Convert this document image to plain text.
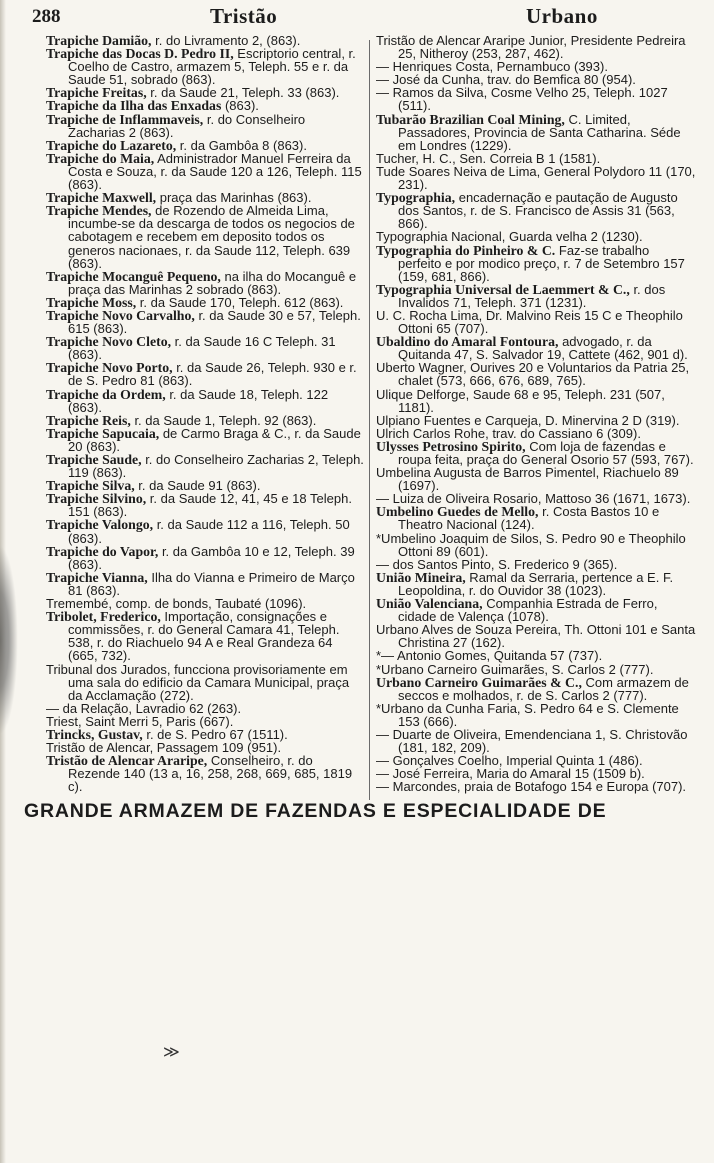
288	Tristão	Urbano

Trapiche Damião, r. do Livramento 2, (863).

Trapiche das Docas D. Pedro II, Escriptorio central, r. Coelho de Castro, armazem 5, Teleph. 55 e r. da Saude 51, sobrado (863).

Trapiche Freitas, r. da Saude 21, Teleph. 33 (863).

Trapiche da Ilha das Enxadas (863).

Trapiche de Inflammaveis, r. do Conselheiro Zacharias 2 (863).

Trapiche do Lazareto, r. da Gambôa 8 (863).

Trapiche do Maia, Administrador Manuel Ferreira da Costa e Souza, r. da Saude 120 a 126, Teleph. 115 (863).

Trapiche Maxwell, praça das Marinhas (863).

Trapiche Mendes, de Rozendo de Almeida Lima, incumbe-se da descarga de todos os negocios de cabotagem e recebem em deposito todos os generos nacionaes, r. da Saude 112, Teleph. 639 (863).

Trapiche Mocanguê Pequeno, na ilha do Mocanguê e praça das Marinhas 2 sobrado (863).

Trapiche Moss, r. da Saude 170, Teleph. 612 (863).

Trapiche Novo Carvalho, r. da Saude 30 e 57, Teleph. 615 (863).

Trapiche Novo Cleto, r. da Saude 16 C Teleph. 31 (863).

Trapiche Novo Porto, r. da Saude 26, Teleph. 930 e r. de S. Pedro 81 (863).

Trapiche da Ordem, r. da Saude 18, Teleph. 122 (863).

Trapiche Reis, r. da Saude 1, Teleph. 92 (863).

Trapiche Sapucaia, de Carmo Braga & C., r. da Saude 20 (863).

Trapiche Saude, r. do Conselheiro Zacharias 2, Teleph. 119 (863).

Trapiche Silva, r. da Saude 91 (863).

Trapiche Silvino, r. da Saude 12, 41, 45 e 18 Teleph. 151 (863).

Trapiche Valongo, r. da Saude 112 a 116, Teleph. 50 (863).

Trapiche do Vapor, r. da Gambôa 10 e 12, Teleph. 39 (863).

Trapiche Vianna, Ilha do Vianna e Primeiro de Março 81 (863).

Tremembé, comp. de bonds, Taubaté (1096).

Tribolet, Frederico, Importação, consignações e commissões, r. do General Camara 41, Teleph. 538, r. do Riachuelo 94 A e Real Grandeza 64 (665, 732).

Tribunal dos Jurados, funcciona provisoriamente em uma sala do edificio da Camara Municipal, praça da Acclamação (272).

— da Relação, Lavradio 62 (263).

Triest, Saint Merri 5, Paris (667).

Trincks, Gustav, r. de S. Pedro 67 (1511).

Tristão de Alencar, Passagem 109 (951).

Tristão de Alencar Araripe, Conselheiro, r. do Rezende 140 (13 a, 16, 258, 268, 669, 685, 1819 c).

Tristão de Alencar Araripe Junior, Presidente Pedreira 25, Nitheroy (253, 287, 462).

— Henriques Costa, Pernambuco (393).

— José da Cunha, trav. do Bemfica 80 (954).

— Ramos da Silva, Cosme Velho 25, Teleph. 1027 (511).

Tubarão Brazilian Coal Mining, C. Limited, Passadores, Provincia de Santa Catharina. Séde em Londres (1229).

Tucher, H. C., Sen. Correia B 1 (1581).

Tude Soares Neiva de Lima, General Polydoro 11 (170, 231).

Typographia, encadernação e pautação de Augusto dos Santos, r. de S. Francisco de Assis 31 (563, 866).

Typographia Nacional, Guarda velha 2 (1230).

Typographia do Pinheiro & C. Faz-se trabalho perfeito e por modico preço, r. 7 de Setembro 157 (159, 681, 866).

Typographia Universal de Laemmert & C., r. dos Invalidos 71, Teleph. 371 (1231).

U. C. Rocha Lima, Dr. Malvino Reis 15 C e Theophilo Ottoni 65 (707).

Ubaldino do Amaral Fontoura, advogado, r. da Quitanda 47, S. Salvador 19, Cattete (462, 901 d).

Uberto Wagner, Ourives 20 e Voluntarios da Patria 25, chalet (573, 666, 676, 689, 765).

Ulique Delforge, Saude 68 e 95, Teleph. 231 (507, 1181).

Ulpiano Fuentes e Carqueja, D. Minervina 2 D (319).

Ulrich Carlos Rohe, trav. do Cassiano 6 (309).

Ulysses Petrosino Spirito, Com loja de fazendas e roupa feita, praça do General Osorio 57 (593, 767).

Umbelina Augusta de Barros Pimentel, Riachuelo 89 (1697).

— Luiza de Oliveira Rosario, Mattoso 36 (1671, 1673).

Umbelino Guedes de Mello, r. Costa Bastos 10 e Theatro Nacional (124).

*Umbelino Joaquim de Silos, S. Pedro 90 e Theophilo Ottoni 89 (601).

— dos Santos Pinto, S. Frederico 9 (365).

União Mineira, Ramal da Serraria, pertence a E. F. Leopoldina, r. do Ouvidor 38 (1023).

União Valenciana, Companhia Estrada de Ferro, cidade de Valença (1078).

Urbano Alves de Souza Pereira, Th. Ottoni 101 e Santa Christina 27 (162).

*— Antonio Gomes, Quitanda 57 (737).

*Urbano Carneiro Guimarães, S. Carlos 2 (777).

Urbano Carneiro Guimarães & C., Com armazem de seccos e molhados, r. de S. Carlos 2 (777).

*Urbano da Cunha Faria, S. Pedro 64 e S. Clemente 153 (666).

— Duarte de Oliveira, Emendenciana 1, S. Christovão (181, 182, 209).

— Gonçalves Coelho, Imperial Quinta 1 (486).

— José Ferreira, Maria do Amaral 15 (1509 b).

— Marcondes, praia de Botafogo 154 e Europa (707).

GRANDE ARMAZEM DE FAZENDAS E ESPECIALIDADE DE
≫
